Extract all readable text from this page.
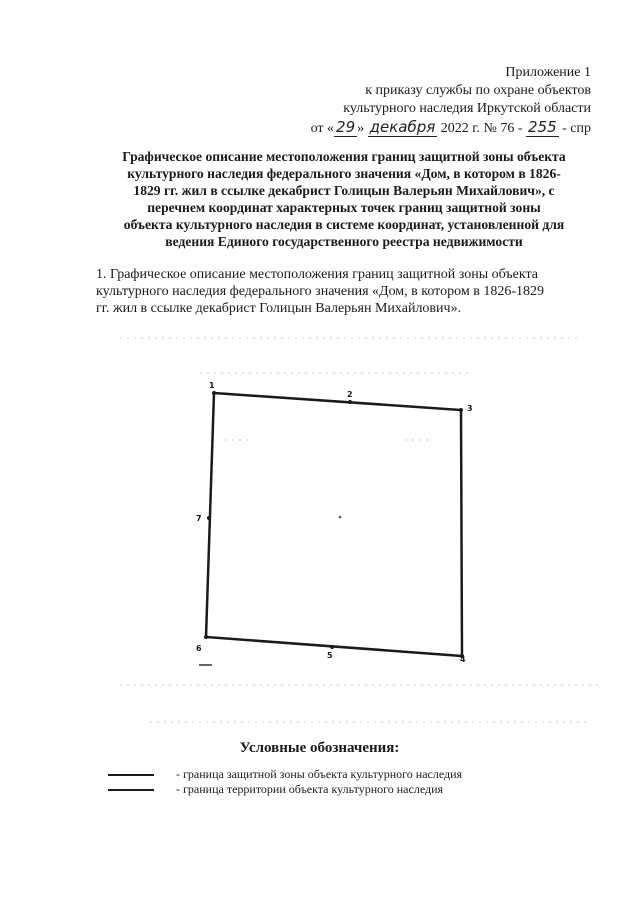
Приложение 1
к приказу службы по охране объектов
культурного наследия Иркутской области
от « 29 » декабря 2022 г. № 76 - 255 - спр
Графическое описание местоположения границ защитной зоны объекта
культурного наследия федерального значения «Дом, в котором в 1826-
1829 гг. жил в ссылке декабрист Голицын Валерьян Михайлович», с
перечнем координат характерных точек границ защитной зоны
объекта культурного наследия в системе координат, установленной для
ведения Единого государственного реестра недвижимости
1. Графическое описание местоположения границ защитной зоны объекта
культурного наследия федерального значения «Дом, в котором в 1826-1829
гг. жил в ссылке декабрист Голицын Валерьян Михайлович».
1
2
3
4
5
6
7
Условные обозначения:
- граница защитной зоны объекта культурного наследия
- граница территории объекта культурного наследия
